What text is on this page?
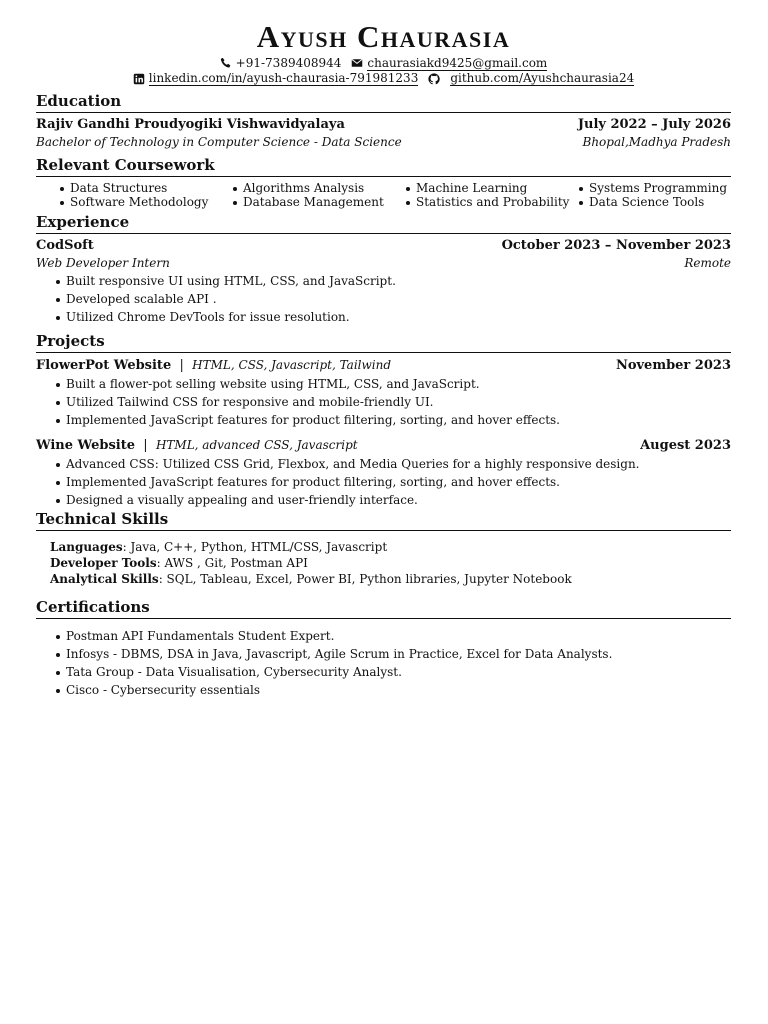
Ayush Chaurasia
+91-7389408944 chaurasiakd9425@gmail.com
linkedin.com/in/ayush-chaurasia-791981233	github.com/Ayushchaurasia24
Education
Rajiv Gandhi Proudyogiki Vishwavidyalaya	July 2022 – July 2026
Bachelor of Technology in Computer Science - Data Science	Bhopal,Madhya Pradesh
Relevant Coursework
Data Structures
Software Methodology
Algorithms Analysis
Database Management
Machine Learning
Statistics and Probability
Systems Programming
Data Science Tools
Experience
CodSoft	October 2023 – November 2023
Web Developer Intern	Remote
Built responsive UI using HTML, CSS, and JavaScript.
Developed scalable API .
Utilized Chrome DevTools for issue resolution.
Projects
FlowerPot Website  |  HTML, CSS, Javascript, Tailwind	November 2023
Built a flower-pot selling website using HTML, CSS, and JavaScript.
Utilized Tailwind CSS for responsive and mobile-friendly UI.
Implemented JavaScript features for product filtering, sorting, and hover effects.
Wine Website  |  HTML, advanced CSS, Javascript	Augest 2023
Advanced CSS: Utilized CSS Grid, Flexbox, and Media Queries for a highly responsive design.
Implemented JavaScript features for product filtering, sorting, and hover effects.
Designed a visually appealing and user-friendly interface.
Technical Skills
Languages: Java, C++, Python, HTML/CSS, Javascript
Developer Tools: AWS , Git, Postman API
Analytical Skills: SQL, Tableau, Excel, Power BI, Python libraries, Jupyter Notebook
Certifications
Postman API Fundamentals Student Expert.
Infosys - DBMS, DSA in Java, Javascript, Agile Scrum in Practice, Excel for Data Analysts.
Tata Group - Data Visualisation, Cybersecurity Analyst.
Cisco - Cybersecurity essentials
